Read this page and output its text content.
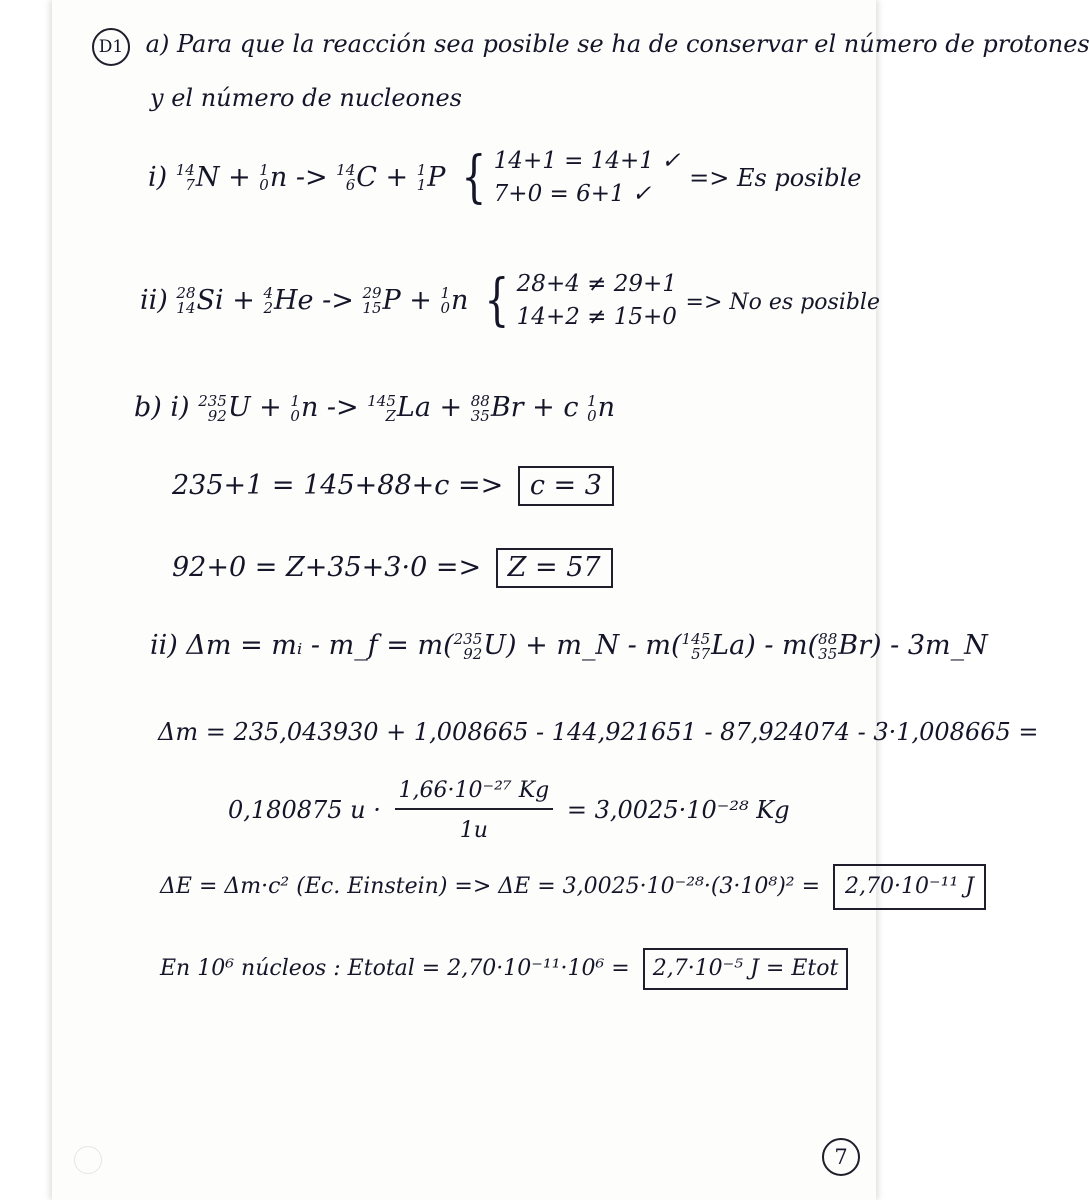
D1 a) Para que la reacción sea posible se ha de conservar el número de protones
y el número de nucleones
i) 14
7 N + 1
0 n -> 14
6 C + 1
1 P { 14+1 = 14+1 ✓
7+0 = 6+1 ✓
=> Es posible
ii) 28
14 Si + 4
2 He -> 29
15 P + 1
0 n { 28+4 ≠ 29+1
14+2 ≠ 15+0
=> No es posible
b) i) 235
92 U + 1
0 n -> 145
Z La + 88
35 Br + c 1
0 n
235+1 = 145+88+c => c = 3
92+0 = Z+35+3·0 => Z = 57
ii) Δm = mᵢ - m_f = m( 235
92 U) + m_N - m( 145
57 La) - m( 88
35 Br) - 3m_N
Δm = 235,043930 + 1,008665 - 144,921651 - 87,924074 - 3·1,008665 =
0,180875 $u \cdot \frac{\text{1,66·10⁻²⁷ Kg}}{1u} = 3,0025\cdot 10^{-28}$ Kg
ΔE = Δm·c² (Ec. Einstein) => ΔE = 3,0025·10⁻²⁸·(3·10⁸)² = 2,70·10⁻¹¹ J
En 10⁶ núcleos : Etotal = 2,70·10⁻¹¹·10⁶ = 2,7·10⁻⁵ J = Etot
7
